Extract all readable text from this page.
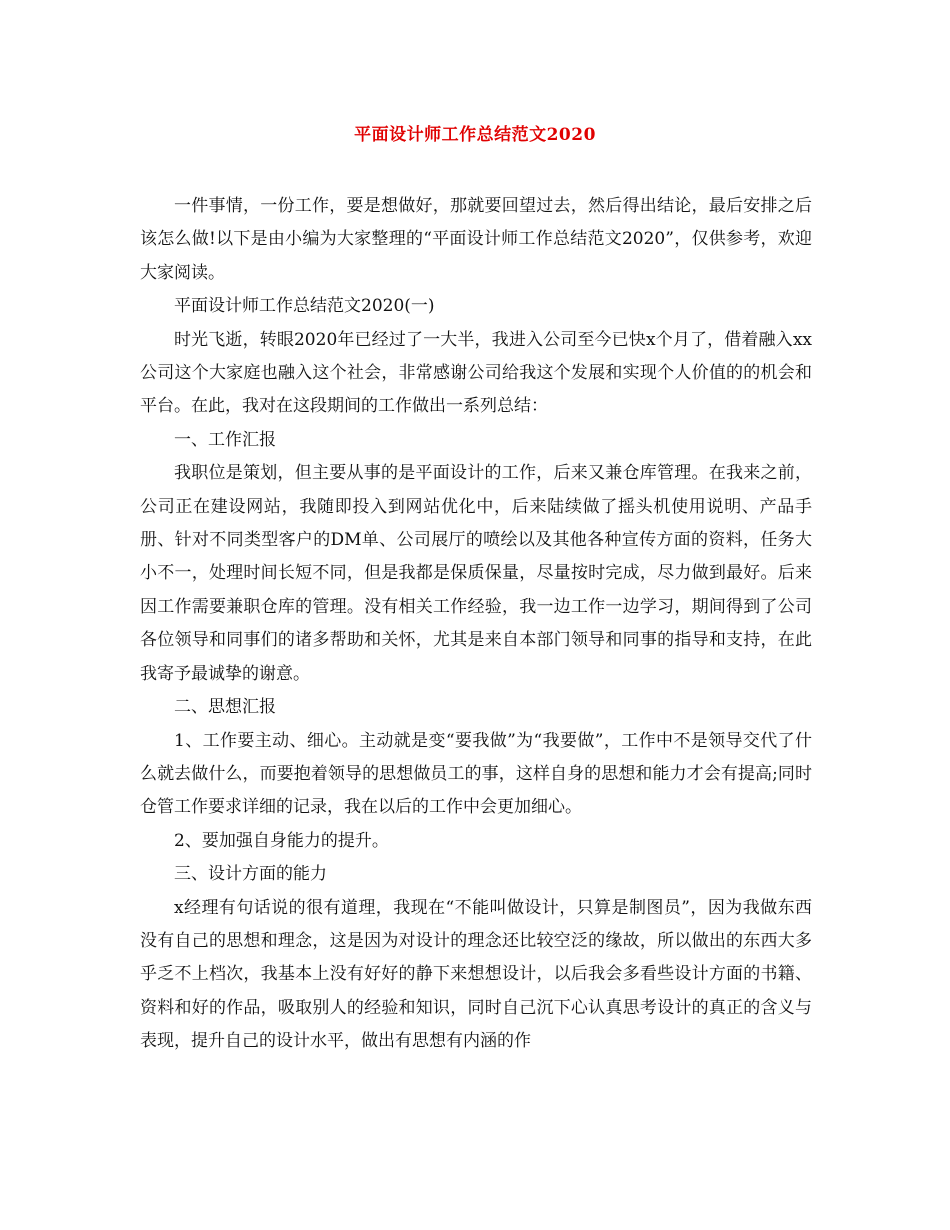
平面设计师工作总结范文2020

一件事情，一份工作，要是想做好，那就要回望过去，然后得出结论，最后安排之后该怎么做!以下是由小编为大家整理的“平面设计师工作总结范文2020”，仅供参考，欢迎大家阅读。

平面设计师工作总结范文2020(一)

时光飞逝，转眼2020年已经过了一大半，我进入公司至今已快x个月了，借着融入xx公司这个大家庭也融入这个社会，非常感谢公司给我这个发展和实现个人价值的的机会和平台。在此，我对在这段期间的工作做出一系列总结：

一、工作汇报

我职位是策划，但主要从事的是平面设计的工作，后来又兼仓库管理。在我来之前，公司正在建设网站，我随即投入到网站优化中，后来陆续做了摇头机使用说明、产品手册、针对不同类型客户的DM单、公司展厅的喷绘以及其他各种宣传方面的资料，任务大小不一，处理时间长短不同，但是我都是保质保量，尽量按时完成，尽力做到最好。后来因工作需要兼职仓库的管理。没有相关工作经验，我一边工作一边学习，期间得到了公司各位领导和同事们的诸多帮助和关怀，尤其是来自本部门领导和同事的指导和支持，在此我寄予最诚挚的谢意。

二、思想汇报

1、工作要主动、细心。主动就是变“要我做”为“我要做”，工作中不是领导交代了什么就去做什么，而要抱着领导的思想做员工的事，这样自身的思想和能力才会有提高;同时仓管工作要求详细的记录，我在以后的工作中会更加细心。

2、要加强自身能力的提升。

三、设计方面的能力

x经理有句话说的很有道理，我现在“不能叫做设计，只算是制图员”，因为我做东西没有自己的思想和理念，这是因为对设计的理念还比较空泛的缘故，所以做出的东西大多乎乏不上档次，我基本上没有好好的静下来想想设计，以后我会多看些设计方面的书籍、资料和好的作品，吸取别人的经验和知识，同时自己沉下心认真思考设计的真正的含义与表现，提升自己的设计水平，做出有思想有内涵的作
